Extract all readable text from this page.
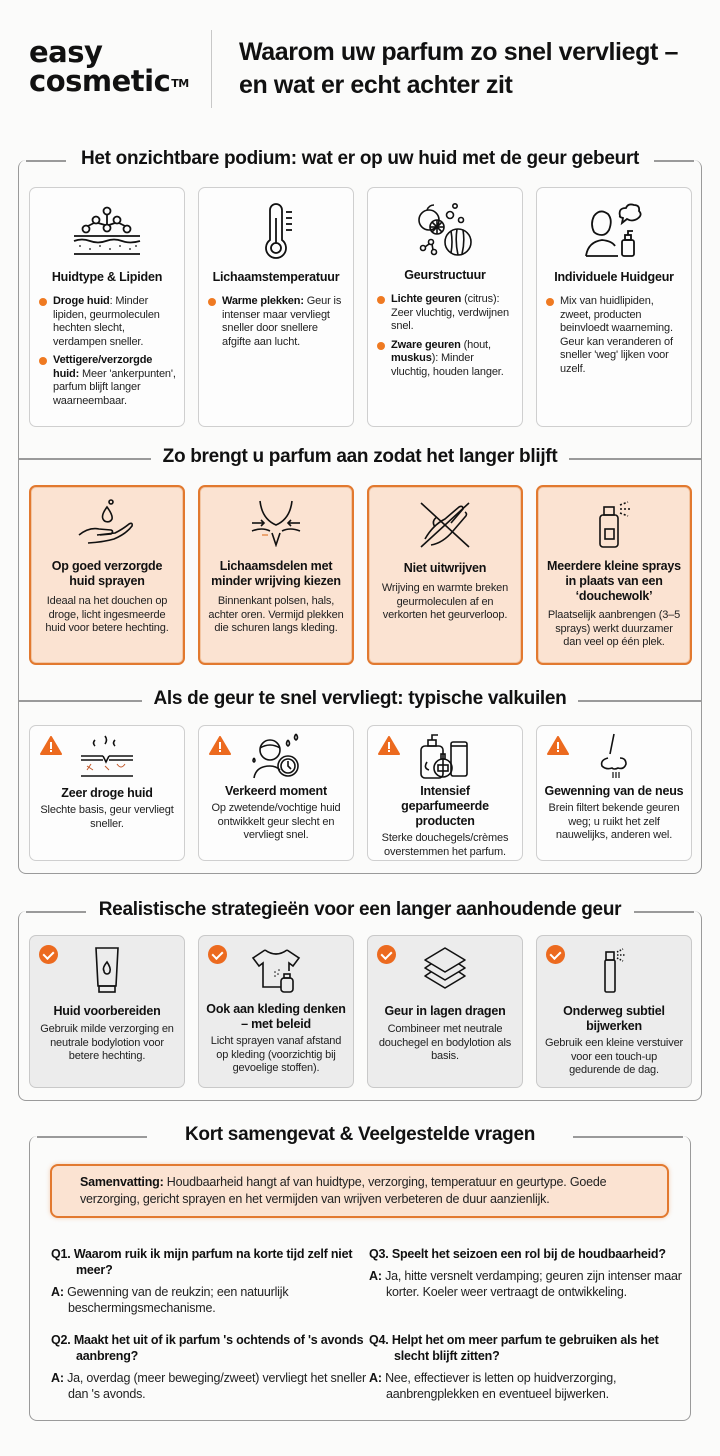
easy
cosmetic™
Waarom uw parfum zo snel vervliegt – en wat er echt achter zit
Het onzichtbare podium: wat er op uw huid met de geur gebeurt
Huidtype & Lipiden
Droge huid: Minder lipiden, geurmoleculen hechten slecht, verdampen sneller.
Vettigere/verzorgde huid: Meer 'ankerpunten', parfum blijft langer waarneembaar.
Lichaamstemperatuur
Warme plekken: Geur is intenser maar vervliegt sneller door snellere afgifte aan lucht.
Geurstructuur
Lichte geuren (citrus): Zeer vluchtig, verdwijnen snel.
Zware geuren (hout, muskus): Minder vluchtig, houden langer.
Individuele Huidgeur
Mix van huidlipiden, zweet, producten beinvloedt waarneming. Geur kan veranderen of sneller 'weg' lijken voor uzelf.
Zo brengt u parfum aan zodat het langer blijft
Op goed verzorgde huid sprayen
Ideaal na het douchen op droge, licht ingesmeerde huid voor betere hechting.
Lichaamsdelen met minder wrijving kiezen
Binnenkant polsen, hals, achter oren. Vermijd plekken die schuren langs kleding.
Niet uitwrijven
Wrijving en warmte breken geurmoleculen af en verkorten het geurverloop.
Meerdere kleine sprays in plaats van een ‘douchewolk’
Plaatselijk aanbrengen (3–5 sprays) werkt duurzamer dan veel op één plek.
Als de geur te snel vervliegt: typische valkuilen
Zeer droge huid
Slechte basis, geur vervliegt sneller.
Verkeerd moment
Op zwetende/vochtige huid ontwikkelt geur slecht en vervliegt snel.
Intensief geparfumeerde producten
Sterke douchegels/crèmes overstemmen het parfum.
Gewenning van de neus
Brein filtert bekende geuren weg; u ruikt het zelf nauwelijks, anderen wel.
Realistische strategieën voor een langer aanhoudende geur
Huid voorbereiden
Gebruik milde verzorging en neutrale bodylotion voor betere hechting.
Ook aan kleding denken – met beleid
Licht sprayen vanaf afstand op kleding (voorzichtig bij gevoelige stoffen).
Geur in lagen dragen
Combineer met neutrale douchegel en bodylotion als basis.
Onderweg subtiel bijwerken
Gebruik een kleine verstuiver voor een touch-up gedurende de dag.
Kort samengevat & Veelgestelde vragen
Samenvatting: Houdbaarheid hangt af van huidtype, verzorging, temperatuur en geurtype. Goede verzorging, gericht sprayen en het vermijden van wrijven verbeteren de duur aanzienlijk.
Q1. Waarom ruik ik mijn parfum na korte tijd zelf niet meer?
A: Gewenning van de reukzin; een natuurlijk beschermingsmechanisme.
Q2. Maakt het uit of ik parfum 's ochtends of 's avonds aanbreng?
A: Ja, overdag (meer beweging/zweet) vervliegt het sneller dan 's avonds.
Q3. Speelt het seizoen een rol bij de houdbaarheid?
A: Ja, hitte versnelt verdamping; geuren zijn intenser maar korter. Koeler weer vertraagt de ontwikkeling.
Q4. Helpt het om meer parfum te gebruiken als het slecht blijft zitten?
A: Nee, effectiever is letten op huidverzorging, aanbrengplekken en eventueel bijwerken.
